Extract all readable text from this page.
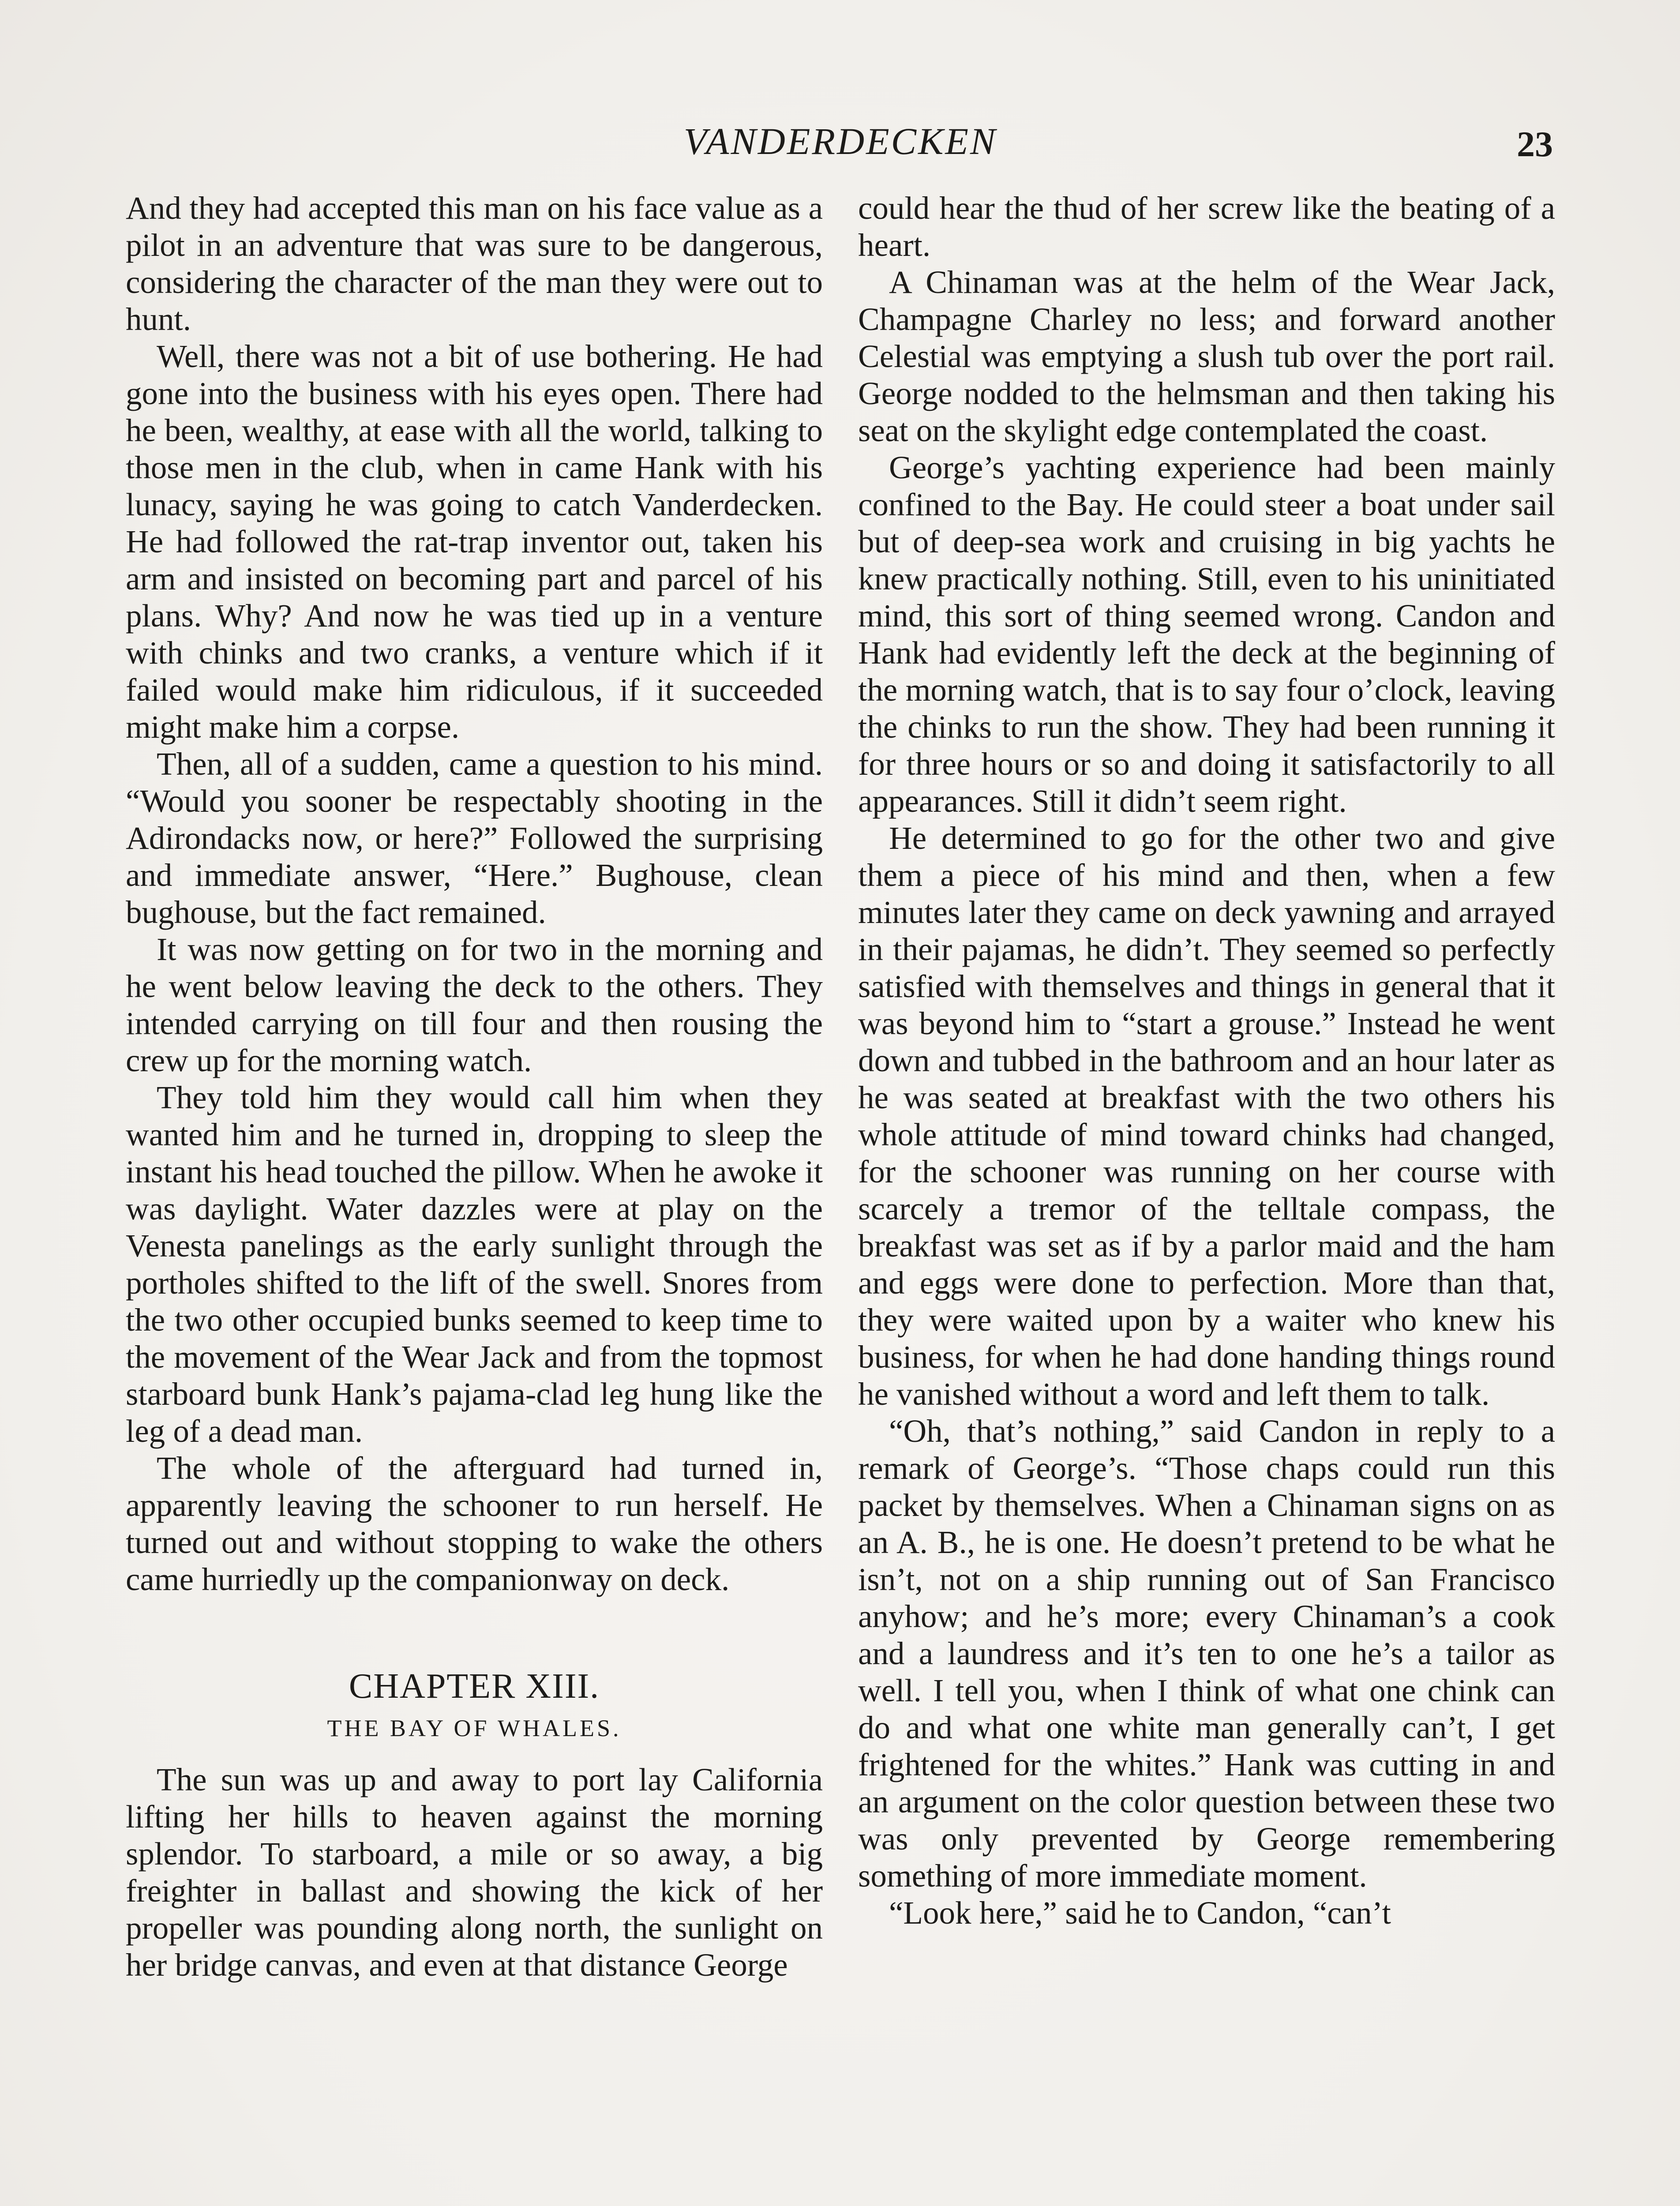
VANDERDECKEN	23

And they had accepted this man on his face value as a pilot in an adventure that was sure to be dangerous, considering the character of the man they were out to hunt.

Well, there was not a bit of use bothering. He had gone into the business with his eyes open. There had he been, wealthy, at ease with all the world, talking to those men in the club, when in came Hank with his lunacy, saying he was going to catch Vanderdecken. He had followed the rat-trap inventor out, taken his arm and insisted on becoming part and parcel of his plans. Why? And now he was tied up in a venture with chinks and two cranks, a venture which if it failed would make him ridiculous, if it succeeded might make him a corpse.

Then, all of a sudden, came a question to his mind. “Would you sooner be respectably shooting in the Adirondacks now, or here?” Followed the surprising and immediate answer, “Here.” Bughouse, clean bughouse, but the fact remained.

It was now getting on for two in the morning and he went below leaving the deck to the others. They intended carrying on till four and then rousing the crew up for the morning watch.

They told him they would call him when they wanted him and he turned in, dropping to sleep the instant his head touched the pillow. When he awoke it was daylight. Water dazzles were at play on the Venesta panelings as the early sunlight through the portholes shifted to the lift of the swell. Snores from the two other occupied bunks seemed to keep time to the movement of the Wear Jack and from the topmost starboard bunk Hank’s pajama-clad leg hung like the leg of a dead man.

The whole of the afterguard had turned in, apparently leaving the schooner to run herself. He turned out and without stopping to wake the others came hurriedly up the companionway on deck.

CHAPTER XIII.
THE BAY OF WHALES.

The sun was up and away to port lay California lifting her hills to heaven against the morning splendor. To starboard, a mile or so away, a big freighter in ballast and showing the kick of her propeller was pounding along north, the sunlight on her bridge canvas, and even at that distance George

could hear the thud of her screw like the beating of a heart.

A Chinaman was at the helm of the Wear Jack, Champagne Charley no less; and forward another Celestial was emptying a slush tub over the port rail. George nodded to the helmsman and then taking his seat on the skylight edge contemplated the coast.

George’s yachting experience had been mainly confined to the Bay. He could steer a boat under sail but of deep-sea work and cruising in big yachts he knew practically nothing. Still, even to his uninitiated mind, this sort of thing seemed wrong. Candon and Hank had evidently left the deck at the beginning of the morning watch, that is to say four o’clock, leaving the chinks to run the show. They had been running it for three hours or so and doing it satisfactorily to all appearances. Still it didn’t seem right.

He determined to go for the other two and give them a piece of his mind and then, when a few minutes later they came on deck yawning and arrayed in their pajamas, he didn’t. They seemed so perfectly satisfied with themselves and things in general that it was beyond him to “start a grouse.” Instead he went down and tubbed in the bathroom and an hour later as he was seated at breakfast with the two others his whole attitude of mind toward chinks had changed, for the schooner was running on her course with scarcely a tremor of the telltale compass, the breakfast was set as if by a parlor maid and the ham and eggs were done to perfection. More than that, they were waited upon by a waiter who knew his business, for when he had done handing things round he vanished without a word and left them to talk.

“Oh, that’s nothing,” said Candon in reply to a remark of George’s. “Those chaps could run this packet by themselves. When a Chinaman signs on as an A. B., he is one. He doesn’t pretend to be what he isn’t, not on a ship running out of San Francisco anyhow; and he’s more; every Chinaman’s a cook and a laundress and it’s ten to one he’s a tailor as well. I tell you, when I think of what one chink can do and what one white man generally can’t, I get frightened for the whites.” Hank was cutting in and an argument on the color question between these two was only prevented by George remembering something of more immediate moment.

“Look here,” said he to Candon, “can’t
